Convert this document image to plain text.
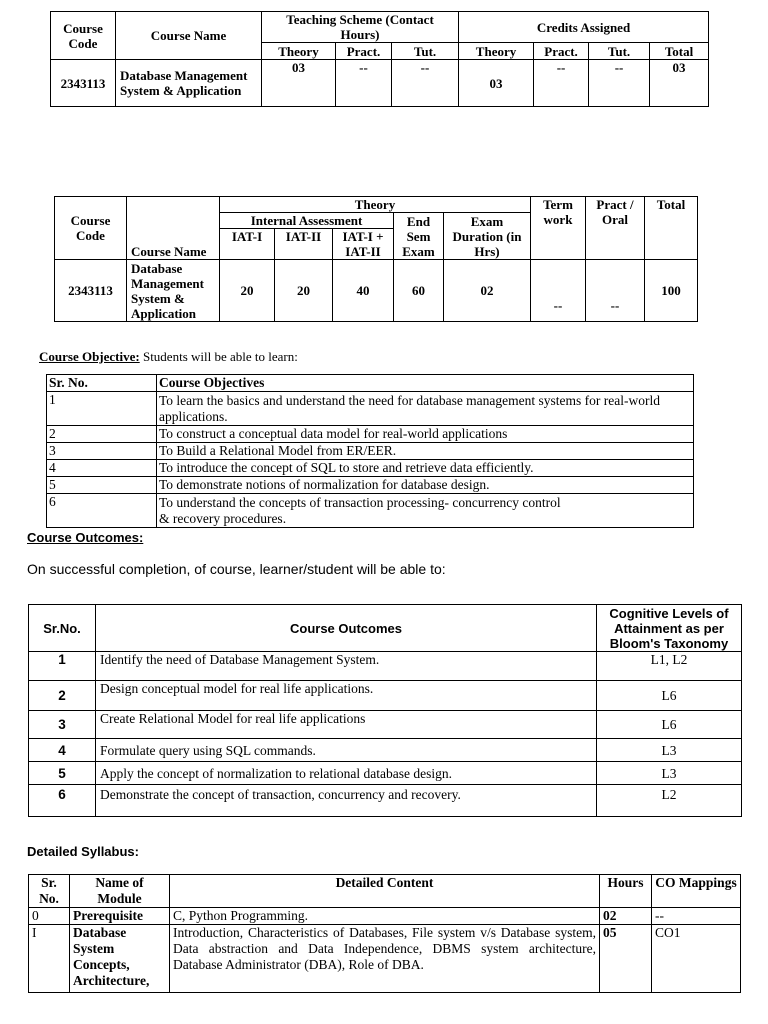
Course Code	Course Name	Teaching Scheme (Contact Hours)			Credits Assigned			
		Theory	Pract.	Tut.	Theory	Pract.	Tut.	Total
2343113	Database Management System & Application	03	--	--	03	--	--	03
Course Code	Course Name	Theory					Term work	Pract / Oral	Total
		Internal Assessment			End Sem Exam	Exam Duration (in Hrs)			
		IAT-I	IAT-II	IAT-I + IAT-II					
2343113	Database Management System & Application	20	20	40	60	02	--	--	100
Course Objective: Students will be able to learn:
Sr. No.	Course Objectives
1	To learn the basics and understand the need for database management systems for real-world applications.
2	To construct a conceptual data model for real-world applications
3	To Build a Relational Model from ER/EER.
4	To introduce the concept of SQL to store and retrieve data efficiently.
5	To demonstrate notions of normalization for database design.
6	To understand the concepts of transaction processing- concurrency control & recovery procedures.
Course Outcomes:
On successful completion, of course, learner/student will be able to:
Sr.No.	Course Outcomes	Cognitive Levels of Attainment as per Bloom's Taxonomy
1	Identify the need of Database Management System.	L1, L2
2	Design conceptual model for real life applications.	L6
3	Create Relational Model for real life applications	L6
4	Formulate query using SQL commands.	L3
5	Apply the concept of normalization to relational database design.	L3
6	Demonstrate the concept of transaction, concurrency and recovery.	L2
Detailed Syllabus:
Sr. No.	Name of Module	Detailed Content	Hours	CO Mappings
0	Prerequisite	C, Python Programming.	02	--
I	Database System Concepts, Architecture,	Introduction, Characteristics of Databases, File system v/s Database system, Data abstraction and Data Independence, DBMS system architecture, Database Administrator (DBA), Role of DBA.	05	CO1
